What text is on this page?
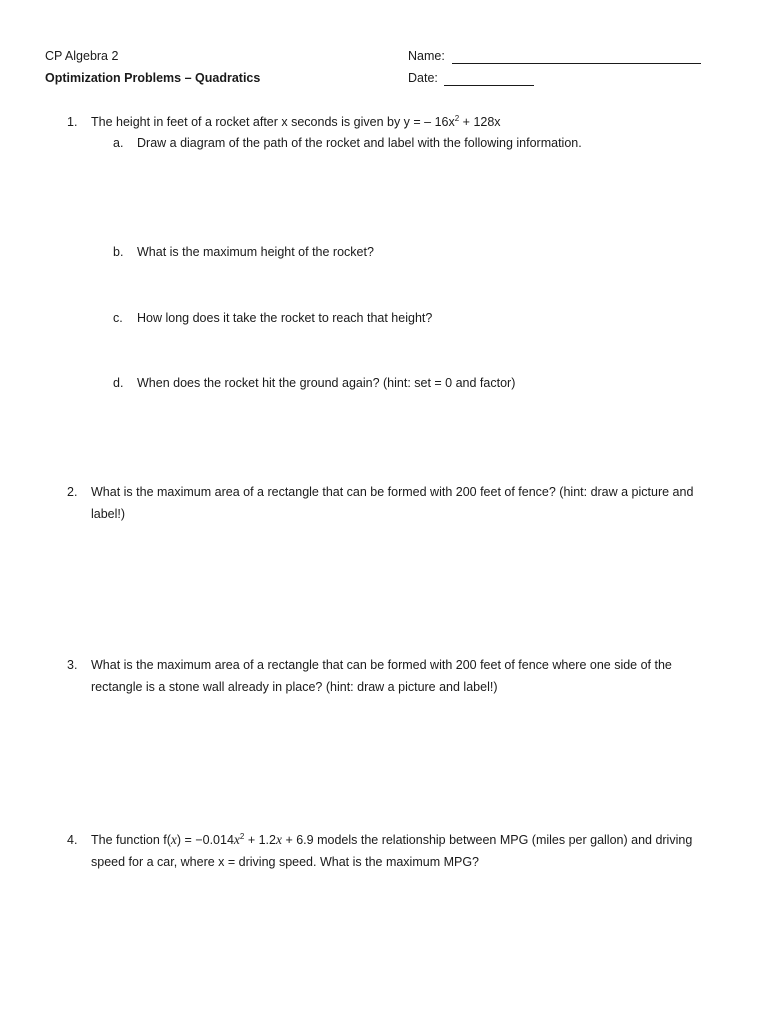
CP Algebra 2
Optimization Problems – Quadratics
Name:
Date:
1. The height in feet of a rocket after x seconds is given by y = – $16x^2 + 128x$
a. Draw a diagram of the path of the rocket and label with the following information.
b. What is the maximum height of the rocket?
c. How long does it take the rocket to reach that height?
d. When does the rocket hit the ground again? (hint: set = 0 and factor)
2. What is the maximum area of a rectangle that can be formed with 200 feet of fence? (hint: draw a picture and label!)
3. What is the maximum area of a rectangle that can be formed with 200 feet of fence where one side of the rectangle is a stone wall already in place? (hint: draw a picture and label!)
4. The function $f(x) = -0.014x^2 + 1.2x + 6.9$ models the relationship between MPG (miles per gallon) and driving speed for a car, where x = driving speed. What is the maximum MPG?
